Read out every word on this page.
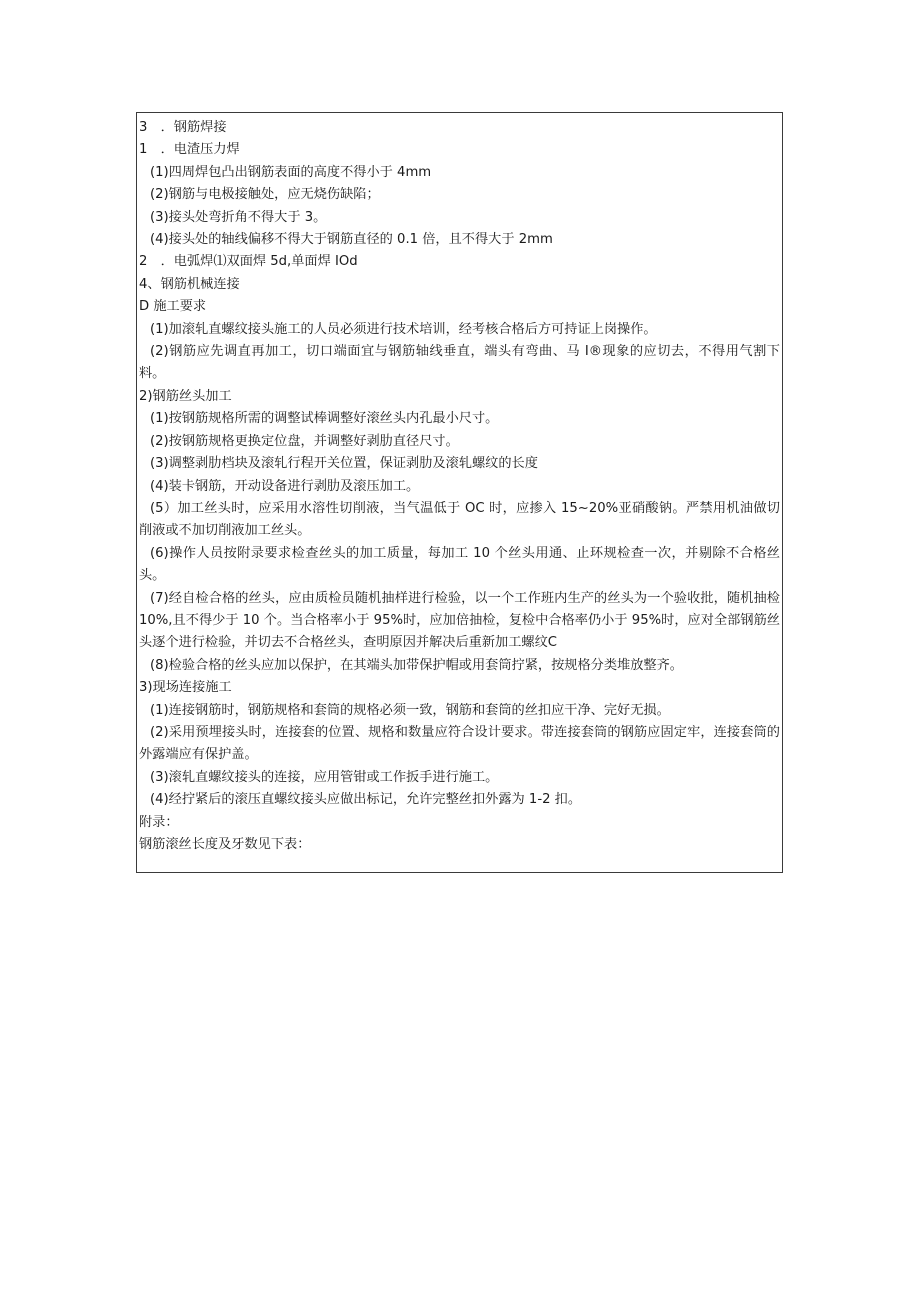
3　．钢筋焊接
1　．电渣压力焊
(1)四周焊包凸出钢筋表面的高度不得小于 4mm
(2)钢筋与电极接触处，应无烧伤缺陷；
(3)接头处弯折角不得大于 3。
(4)接头处的轴线偏移不得大于钢筋直径的 0.1 倍，且不得大于 2mm
2　．电弧焊⑴双面焊 5d,单面焊 IOd
4、钢筋机械连接
D 施工要求
(1)加滚轧直螺纹接头施工的人员必须进行技术培训，经考核合格后方可持证上岗操作。
(2)钢筋应先调直再加工，切口端面宜与钢筋轴线垂直，端头有弯曲、马 I®现象的应切去，不得用气割下料。
2)钢筋丝头加工
(1)按钢筋规格所需的调整试棒调整好滚丝头内孔最小尺寸。
(2)按钢筋规格更换定位盘，并调整好剥肋直径尺寸。
(3)调整剥肋档块及滚轧行程开关位置，保证剥肋及滚轧螺纹的长度
(4)装卡钢筋，开动设备进行剥肋及滚压加工。
(5）加工丝头时，应采用水溶性切削液，当气温低于 OC 时，应掺入 15~20%亚硝酸钠。严禁用机油做切削液或不加切削液加工丝头。
(6)操作人员按附录要求检查丝头的加工质量，每加工 10 个丝头用通、止环规检查一次，并剔除不合格丝头。
(7)经自检合格的丝头，应由质检员随机抽样进行检验，以一个工作班内生产的丝头为一个验收批，随机抽检 10%,且不得少于 10 个。当合格率小于 95%时，应加倍抽检，复检中合格率仍小于 95%时，应对全部钢筋丝头逐个进行检验，并切去不合格丝头，查明原因并解决后重新加工螺纹C
(8)检验合格的丝头应加以保护，在其端头加带保护帽或用套筒拧紧，按规格分类堆放整齐。
3)现场连接施工
(1)连接钢筋时，钢筋规格和套筒的规格必须一致，钢筋和套筒的丝扣应干净、完好无损。
(2)采用预埋接头时，连接套的位置、规格和数量应符合设计要求。带连接套筒的钢筋应固定牢，连接套筒的外露端应有保护盖。
(3)滚轧直螺纹接头的连接，应用管钳或工作扳手进行施工。
(4)经拧紧后的滚压直螺纹接头应做出标记，允许完整丝扣外露为 1-2 扣。
附录：
钢筋滚丝长度及牙数见下表：
